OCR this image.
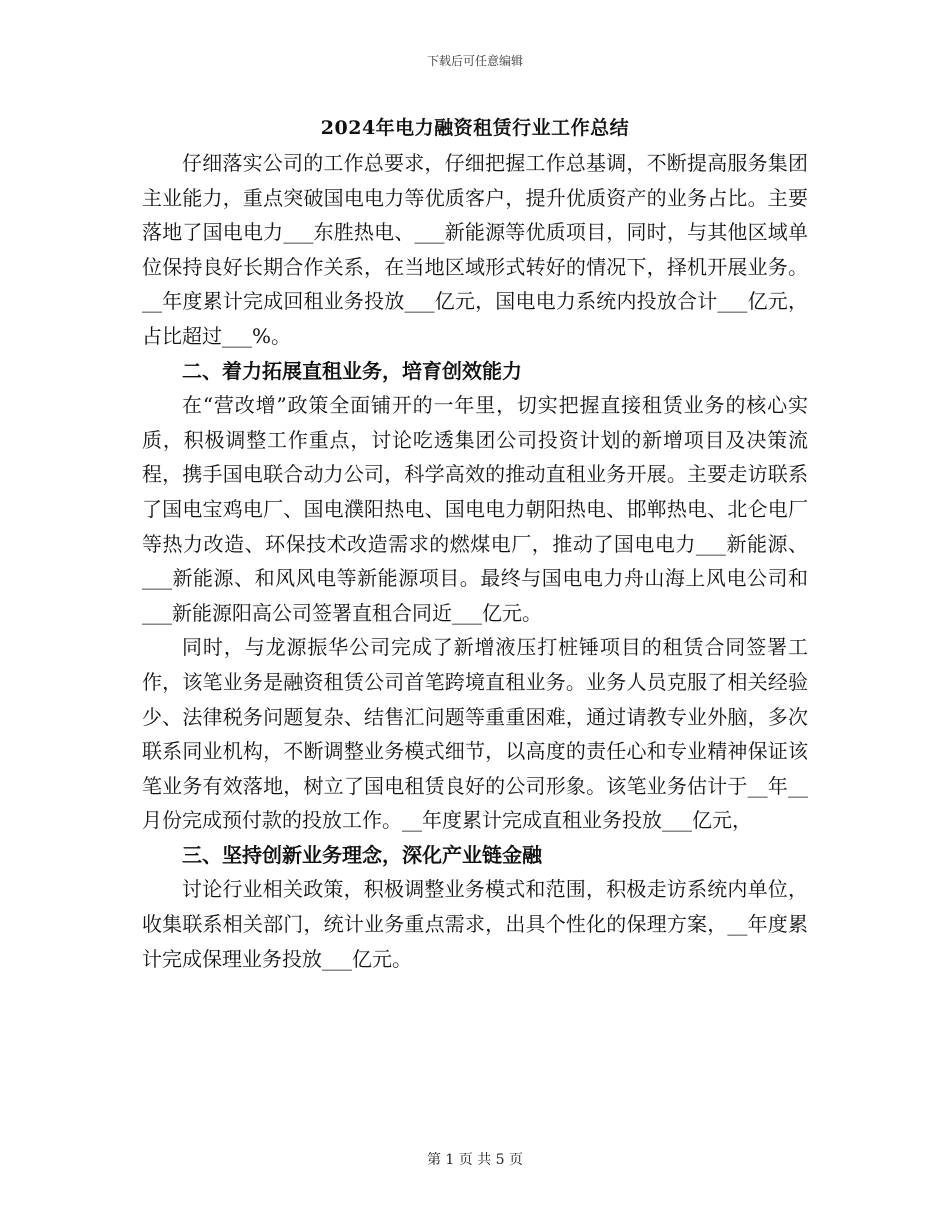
下载后可任意编辑
2024年电力融资租赁行业工作总结

仔细落实公司的工作总要求，仔细把握工作总基调，不断提高服务集团主业能力，重点突破国电电力等优质客户，提升优质资产的业务占比。主要落地了国电电力___东胜热电、___新能源等优质项目，同时，与其他区域单位保持良好长期合作关系，在当地区域形式转好的情况下，择机开展业务。__年度累计完成回租业务投放___亿元，国电电力系统内投放合计___亿元，占比超过___%。

二、着力拓展直租业务，培育创效能力

在“营改增”政策全面铺开的一年里，切实把握直接租赁业务的核心实质，积极调整工作重点，讨论吃透集团公司投资计划的新增项目及决策流程，携手国电联合动力公司，科学高效的推动直租业务开展。主要走访联系了国电宝鸡电厂、国电濮阳热电、国电电力朝阳热电、邯郸热电、北仑电厂等热力改造、环保技术改造需求的燃煤电厂，推动了国电电力___新能源、___新能源、和风风电等新能源项目。最终与国电电力舟山海上风电公司和___新能源阳高公司签署直租合同近___亿元。

同时，与龙源振华公司完成了新增液压打桩锤项目的租赁合同签署工作，该笔业务是融资租赁公司首笔跨境直租业务。业务人员克服了相关经验少、法律税务问题复杂、结售汇问题等重重困难，通过请教专业外脑，多次联系同业机构，不断调整业务模式细节，以高度的责任心和专业精神保证该笔业务有效落地，树立了国电租赁良好的公司形象。该笔业务估计于__年__月份完成预付款的投放工作。__年度累计完成直租业务投放___亿元，

三、坚持创新业务理念，深化产业链金融

讨论行业相关政策，积极调整业务模式和范围，积极走访系统内单位，收集联系相关部门，统计业务重点需求，出具个性化的保理方案，__年度累计完成保理业务投放___亿元。

第 1 页 共 5 页
